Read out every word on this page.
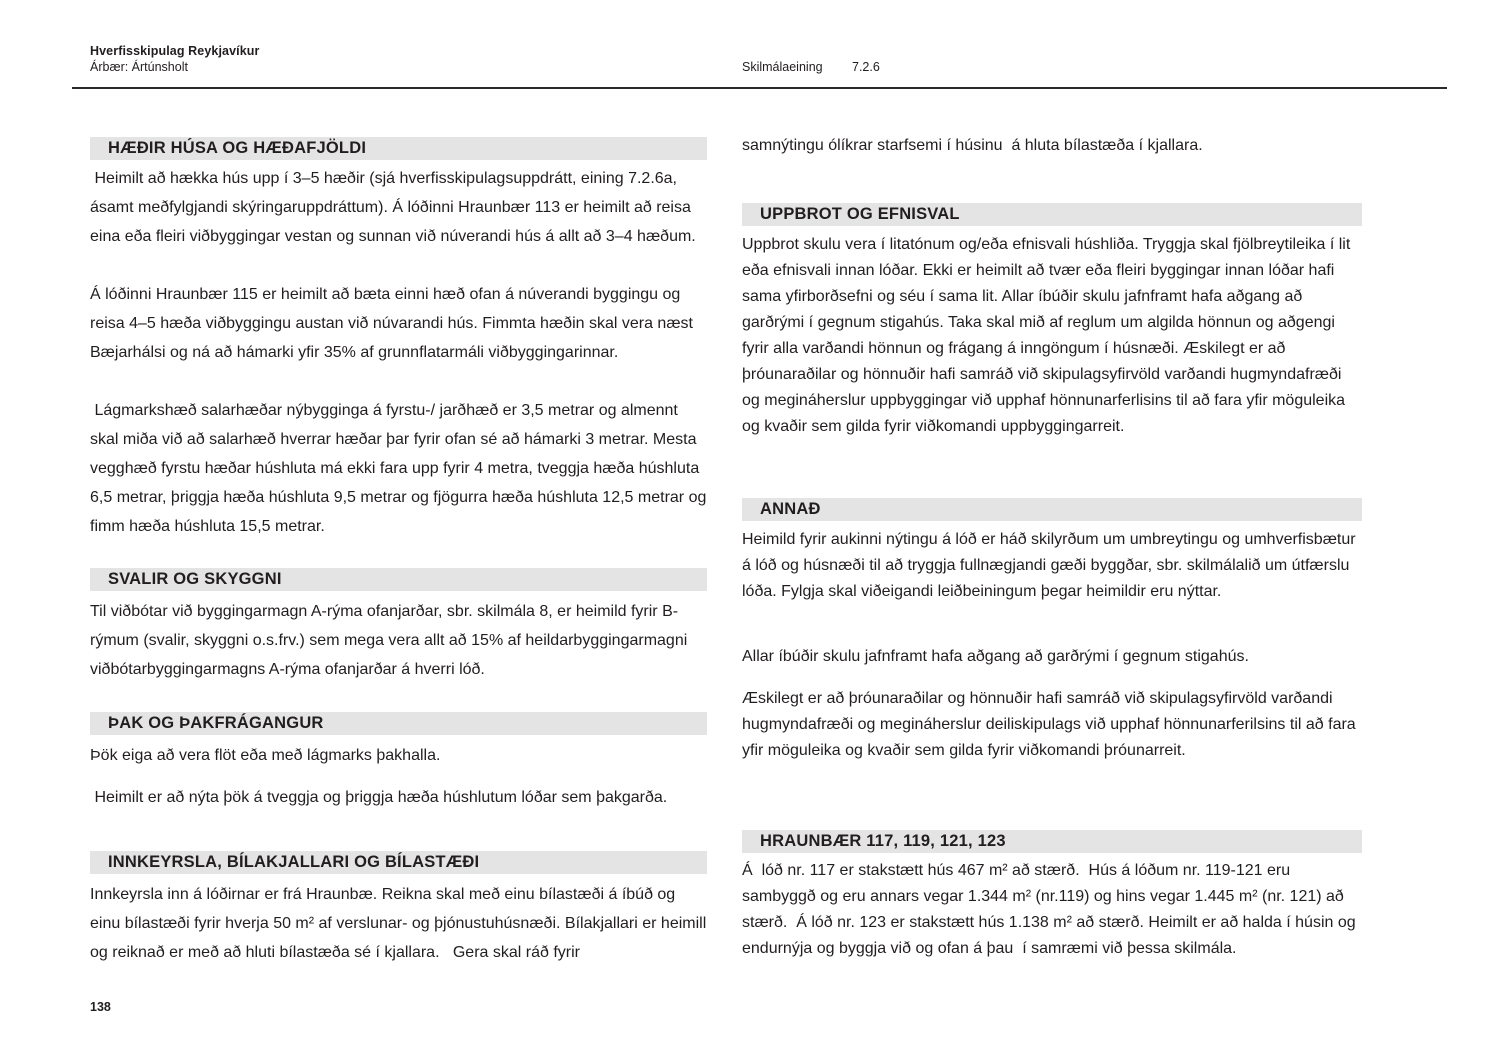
Hverfisskipulag Reykjavíkur
Árbær: Ártúnsholt	Skilmálaeining 7.2.6
HÆÐIR HÚSA OG HÆÐAFJÖLDI
Heimilt að hækka hús upp í 3–5 hæðir (sjá hverfisskipulagsuppdrátt, eining 7.2.6a, ásamt meðfylgjandi skýringaruppdráttum). Á lóðinni Hraunbær 113 er heimilt að reisa eina eða fleiri viðbyggingar vestan og sunnan við núverandi hús á allt að 3–4 hæðum.
Á lóðinni Hraunbær 115 er heimilt að bæta einni hæð ofan á núverandi byggingu og reisa 4–5 hæða viðbyggingu austan við núvarandi hús. Fimmta hæðin skal vera næst Bæjarhálsi og ná að hámarki yfir 35% af grunnflatarmáli viðbyggingarinnar.
Lágmarkshæð salarhæðar nýbygginga á fyrstu-/ jarðhæð er 3,5 metrar og almennt skal miða við að salarhæð hverrar hæðar þar fyrir ofan sé að hámarki 3 metrar. Mesta vegghæð fyrstu hæðar húshluta má ekki fara upp fyrir 4 metra, tveggja hæða húshluta 6,5 metrar, þriggja hæða húshluta 9,5 metrar og fjögurra hæða húshluta 12,5 metrar og fimm hæða húshluta 15,5 metrar.
SVALIR OG SKYGGNI
Til viðbótar við byggingarmagn A-rýma ofanjarðar, sbr. skilmála 8, er heimild fyrir B-rýmum (svalir, skyggni o.s.frv.) sem mega vera allt að 15% af heildarbyggingarmagni viðbótarbyggingarmagns A-rýma ofanjarðar á hverri lóð.
ÞAK OG ÞAKFRÁGANGUR
Þök eiga að vera flöt eða með lágmarks þakhalla.
Heimilt er að nýta þök á tveggja og þriggja hæða húshlutum lóðar sem þakgarða.
INNKEYRSLA, BÍLAKJALLARI OG BÍLASTÆÐI
Innkeyrsla inn á lóðirnar er frá Hraunbæ. Reikna skal með einu bílastæði á íbúð og einu bílastæði fyrir hverja 50 m² af verslunar- og þjónustuhúsnæði. Bílakjallari er heimill og reiknað er með að hluti bílastæða sé í kjallara.   Gera skal ráð fyrir
samnýtingu ólíkrar starfsemi í húsinu  á hluta bílastæða í kjallara.
UPPBROT OG EFNISVAL
Uppbrot skulu vera í litatónum og/eða efnisvali húshliða. Tryggja skal fjölbreytileika í lit eða efnisvali innan lóðar. Ekki er heimilt að tvær eða fleiri byggingar innan lóðar hafi sama yfirborðsefni og séu í sama lit. Allar íbúðir skulu jafnframt hafa aðgang að garðrými í gegnum stigahús. Taka skal mið af reglum um algilda hönnun og aðgengi fyrir alla varðandi hönnun og frágang á inngöngum í húsnæði. Æskilegt er að þróunaraðilar og hönnuðir hafi samráð við skipulagsyfirvöld varðandi hugmyndafræði og megináherslur uppbyggingar við upphaf hönnunarferlisins til að fara yfir möguleika og kvaðir sem gilda fyrir viðkomandi uppbyggingarreit.
ANNAÐ
Heimild fyrir aukinni nýtingu á lóð er háð skilyrðum um umbreytingu og umhverfisbætur á lóð og húsnæði til að tryggja fullnægjandi gæði byggðar, sbr. skilmálalið um útfærslu lóða. Fylgja skal viðeigandi leiðbeiningum þegar heimildir eru nýttar.
Allar íbúðir skulu jafnframt hafa aðgang að garðrými í gegnum stigahús.
Æskilegt er að þróunaraðilar og hönnuðir hafi samráð við skipulagsyfirvöld varðandi hugmyndafræði og megináherslur deiliskipulags við upphaf hönnunarferilsins til að fara yfir möguleika og kvaðir sem gilda fyrir viðkomandi þróunarreit.
HRAUNBÆR 117, 119, 121, 123
Á  lóð nr. 117 er stakstætt hús 467 m² að stærð.  Hús á lóðum nr. 119-121 eru sambyggð og eru annars vegar 1.344 m² (nr.119) og hins vegar 1.445 m² (nr. 121) að stærð.  Á lóð nr. 123 er stakstætt hús 1.138 m² að stærð. Heimilt er að halda í húsin og endurnýja og byggja við og ofan á þau  í samræmi við þessa skilmála.
138
